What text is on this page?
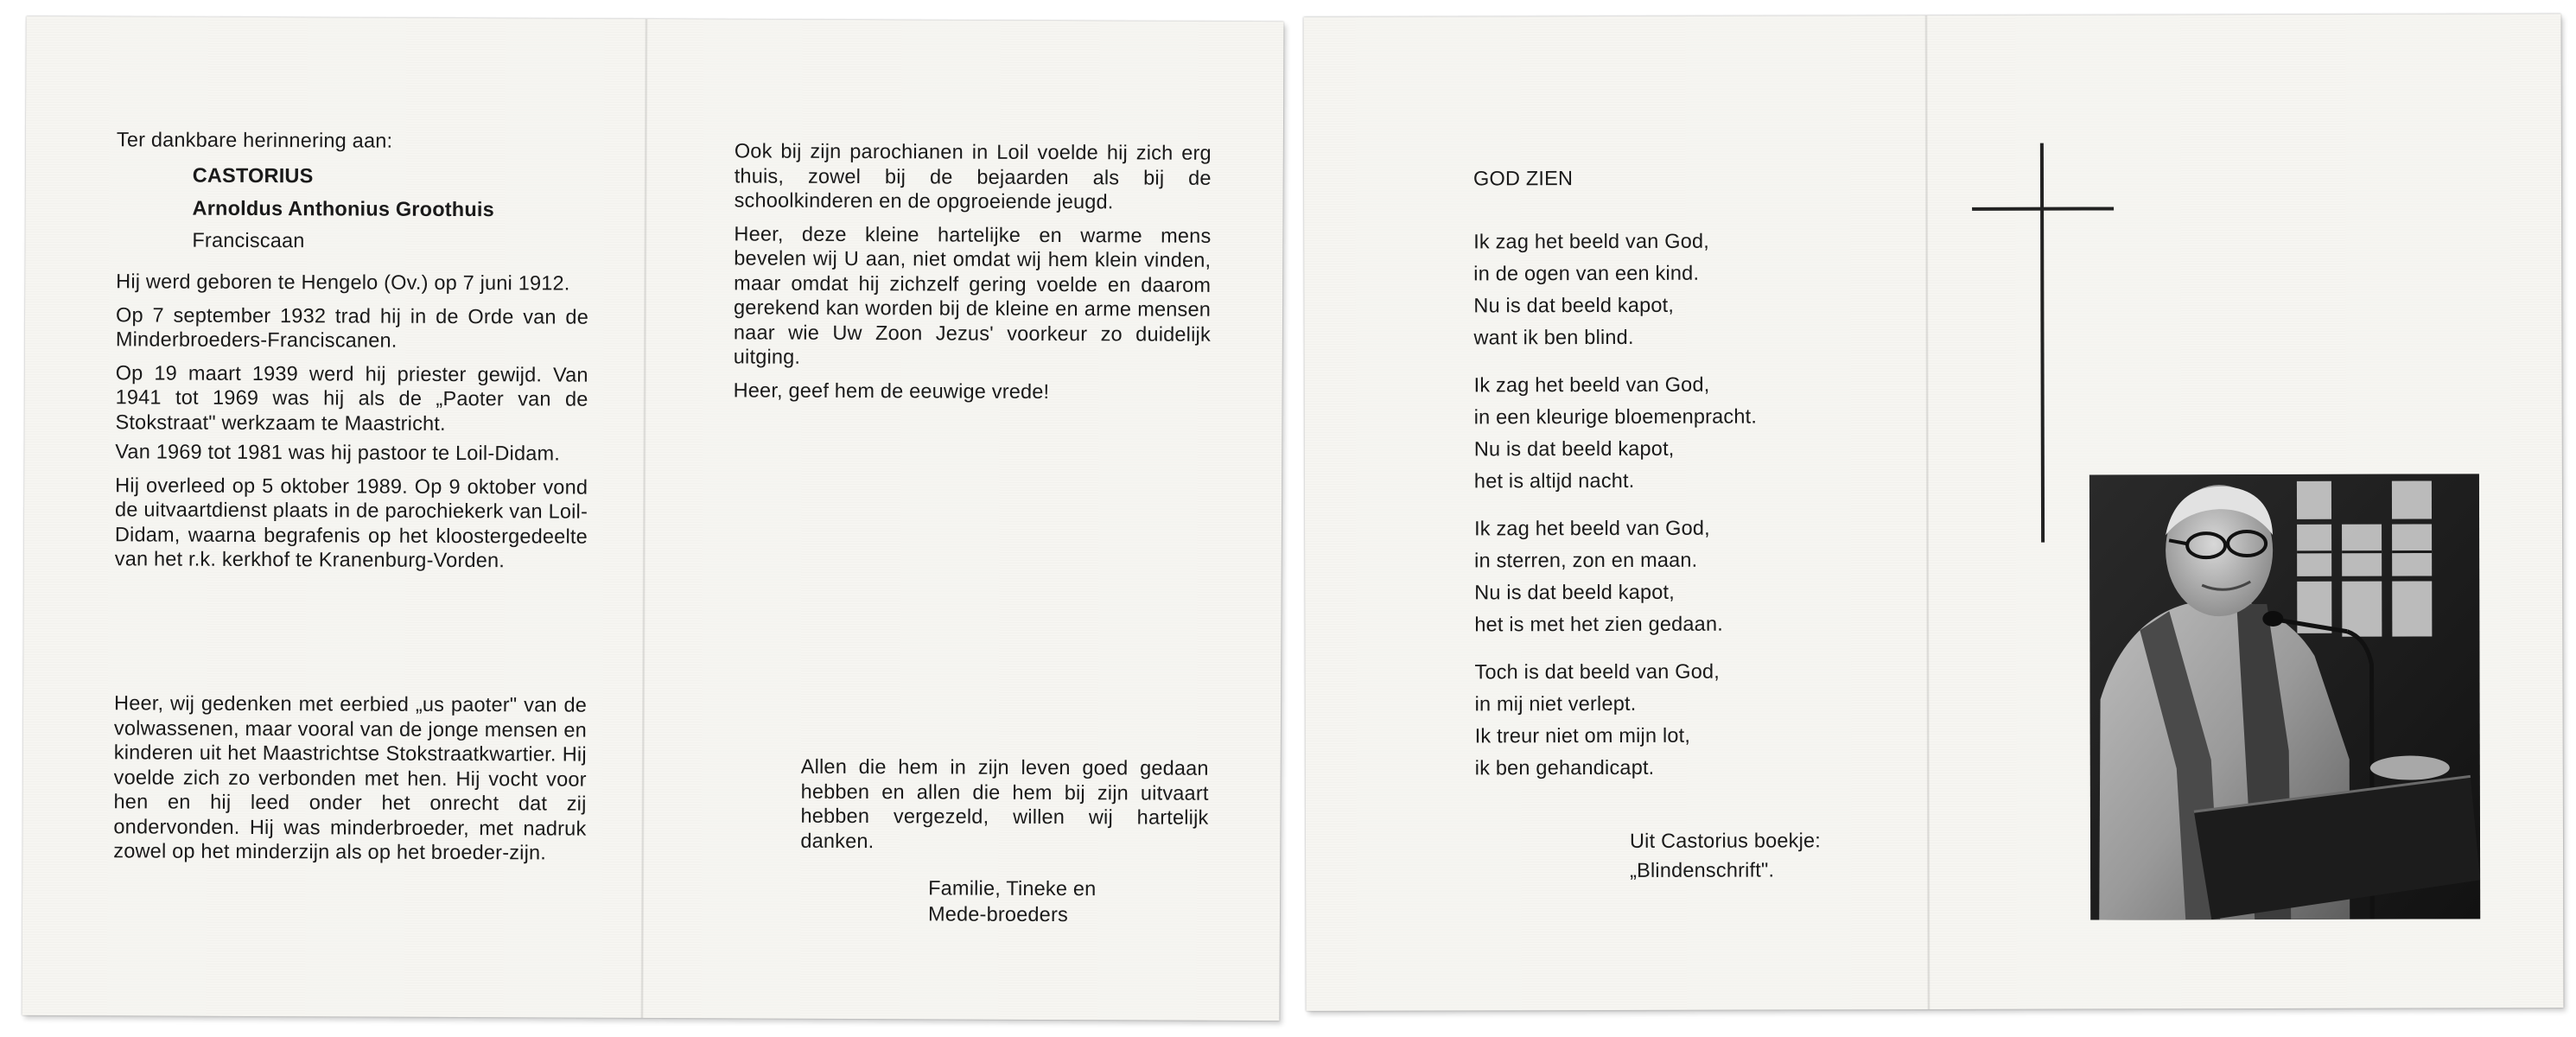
Ter dankbare herinnering aan:
CASTORIUS
Arnoldus Anthonius Groothuis
Franciscaan

Hij werd geboren te Hengelo (Ov.) op 7 juni 1912.

Op 7 september 1932 trad hij in de Orde van de Minderbroeders-Franciscanen.

Op 19 maart 1939 werd hij priester gewijd. Van 1941 tot 1969 was hij als de „Paoter van de Stokstraat" werkzaam te Maastricht.

Van 1969 tot 1981 was hij pastoor te Loil-Didam.

Hij overleed op 5 oktober 1989. Op 9 oktober vond de uitvaartdienst plaats in de parochiekerk van Loil-Didam, waarna begrafenis op het kloostergedeelte van het r.k. kerkhof te Kranenburg-Vorden.

Heer, wij gedenken met eerbied „us paoter" van de volwassenen, maar vooral van de jonge mensen en kinderen uit het Maastrichtse Stokstraatkwartier. Hij voelde zich zo verbonden met hen. Hij vocht voor hen en hij leed onder het onrecht dat zij ondervonden. Hij was minderbroeder, met nadruk zowel op het minderzijn als op het broeder-zijn.

Ook bij zijn parochianen in Loil voelde hij zich erg thuis, zowel bij de bejaarden als bij de schoolkinderen en de opgroeiende jeugd.

Heer, deze kleine hartelijke en warme mens bevelen wij U aan, niet omdat wij hem klein vinden, maar omdat hij zichzelf gering voelde en daarom gerekend kan worden bij de kleine en arme mensen naar wie Uw Zoon Jezus' voorkeur zo duidelijk uitging.

Heer, geef hem de eeuwige vrede!

Allen die hem in zijn leven goed gedaan hebben en allen die hem bij zijn uitvaart hebben vergezeld, willen wij hartelijk danken.
Familie, Tineke en
Mede-broeders
GOD ZIEN
Ik zag het beeld van God,
in de ogen van een kind.
Nu is dat beeld kapot,
want ik ben blind.
Ik zag het beeld van God,
in een kleurige bloemenpracht.
Nu is dat beeld kapot,
het is altijd nacht.
Ik zag het beeld van God,
in sterren, zon en maan.
Nu is dat beeld kapot,
het is met het zien gedaan.
Toch is dat beeld van God,
in mij niet verlept.
Ik treur niet om mijn lot,
ik ben gehandicapt.
Uit Castorius boekje:
„Blindenschrift".
